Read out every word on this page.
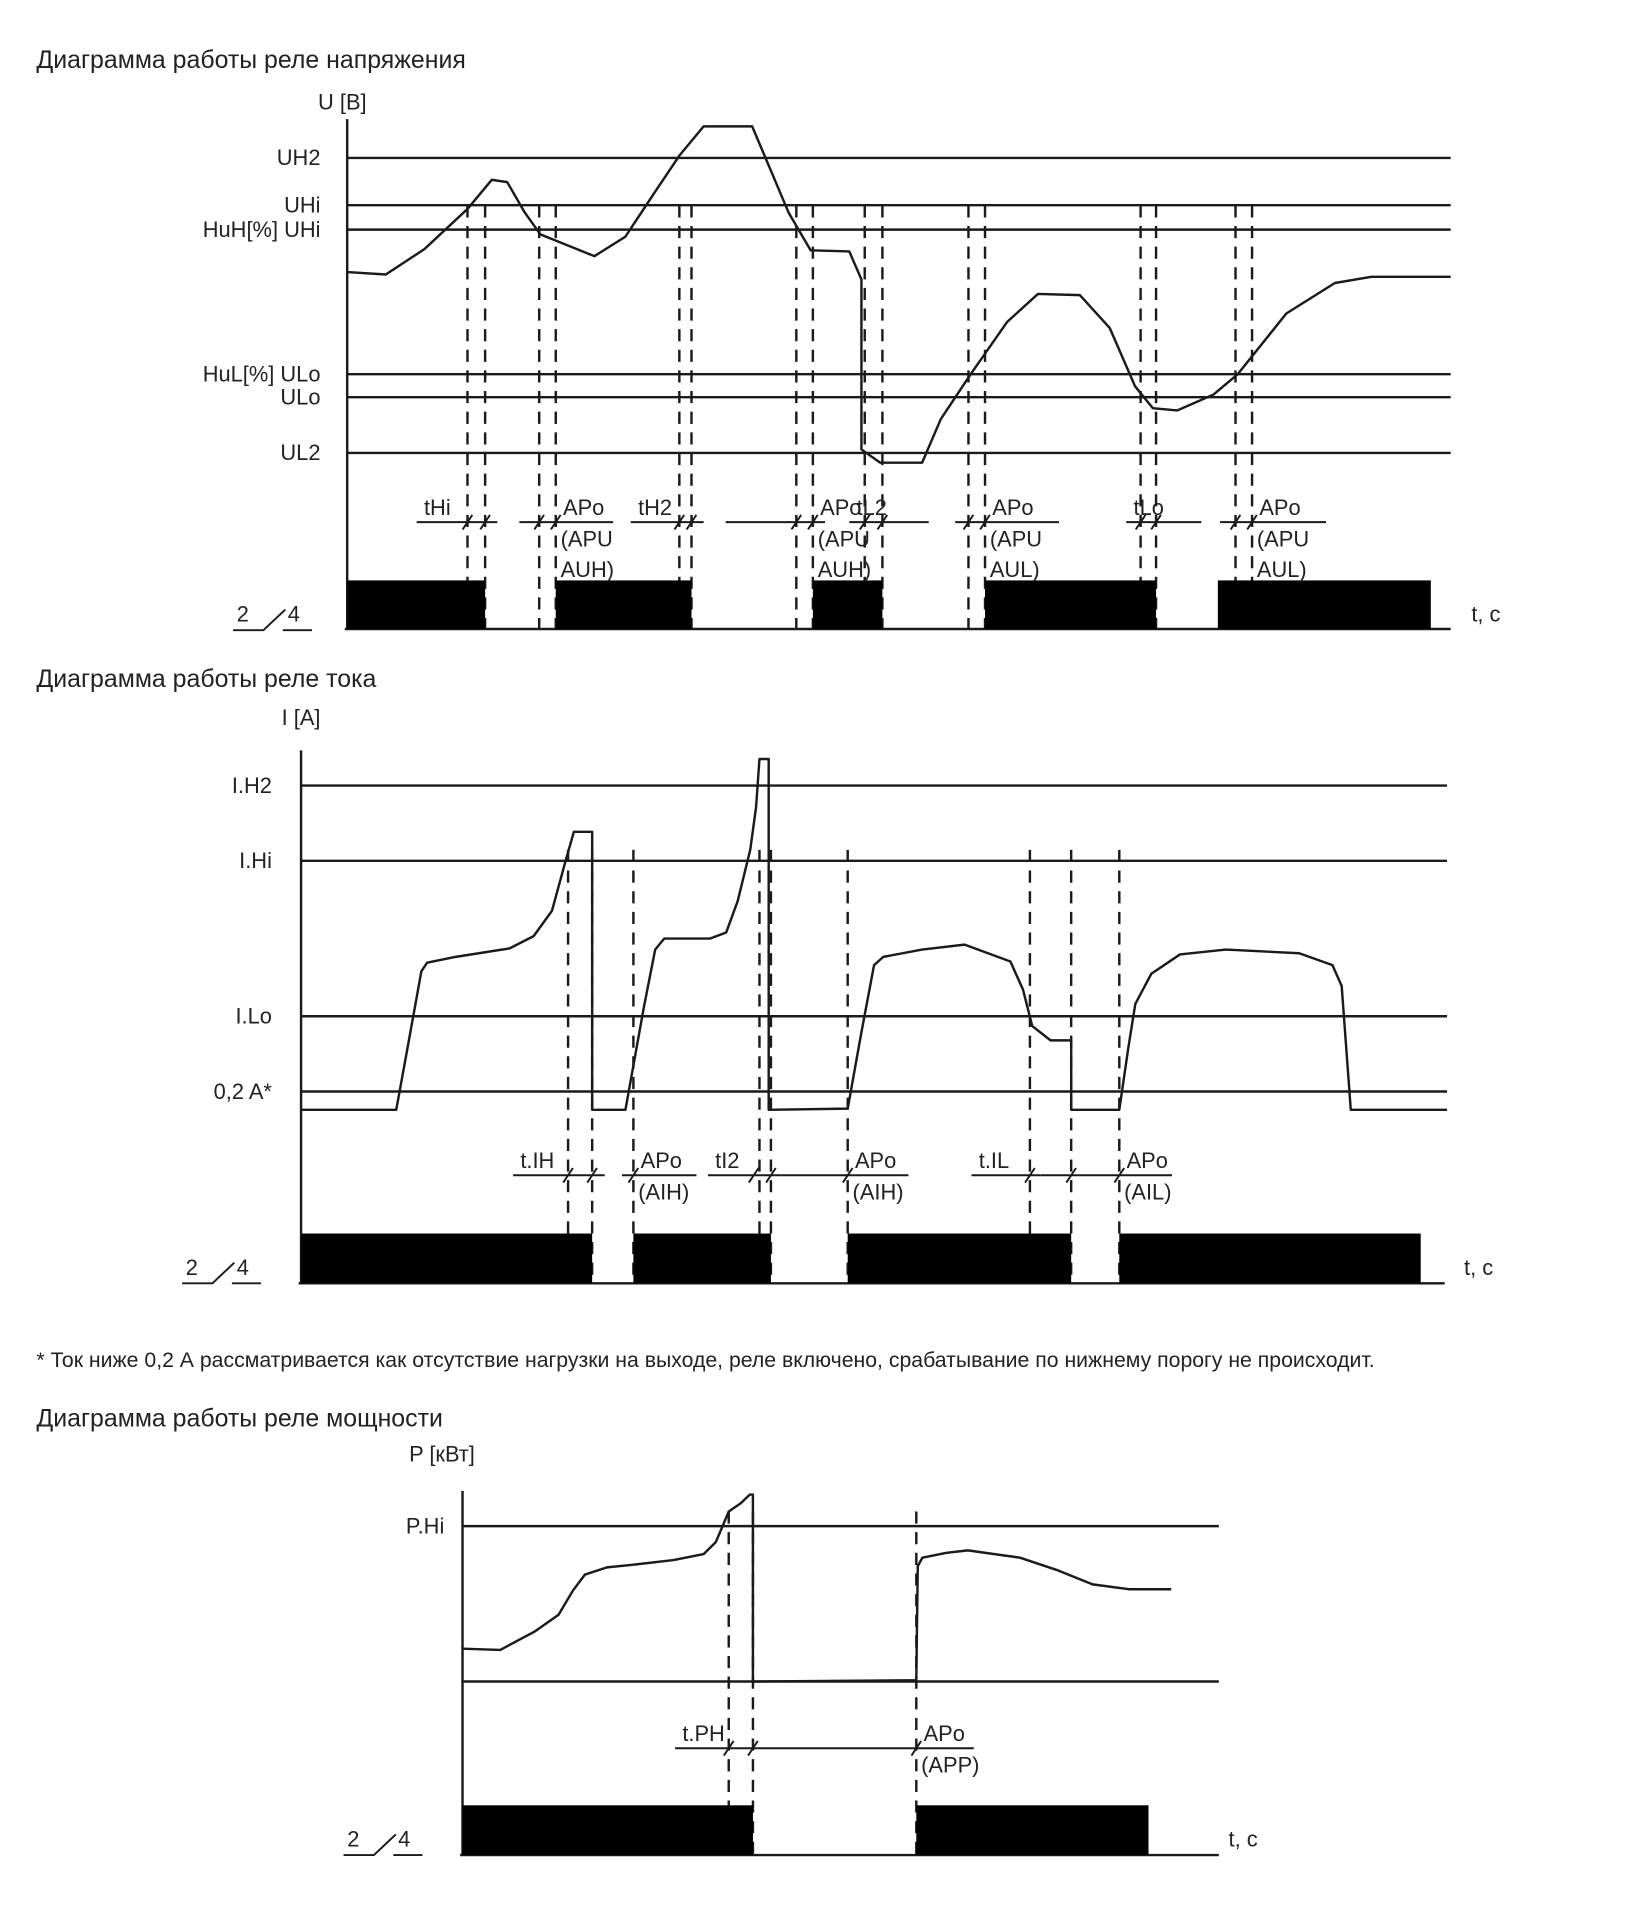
Диаграмма работы реле напряжения
U [B]
t, c
UH2
UHi
HuH[%] UHi
HuL[%] ULo
ULo
UL2
tHi	APo
(APU
AUH)
tH2	APo
(APU
AUH)
tL2	APo
(APU
AUL)
tLo	APo
(APU
AUL)
2 4
Диаграмма работы реле тока
I [A]
t, c
I.H2
I.Hi
I.Lo
0,2 A*
t.IH	APo
(AIH)
tI2	APo
(AIH)
t.IL	APo
(AIL)
2 4
* Ток ниже 0,2 А рассматривается как отсутствие нагрузки на выходе, реле включено, срабатывание по нижнему порогу не происходит.
Диаграмма работы реле мощности
P [кВт]
t, c
P.Hi
t.PH	APo
(APP)
2 4
